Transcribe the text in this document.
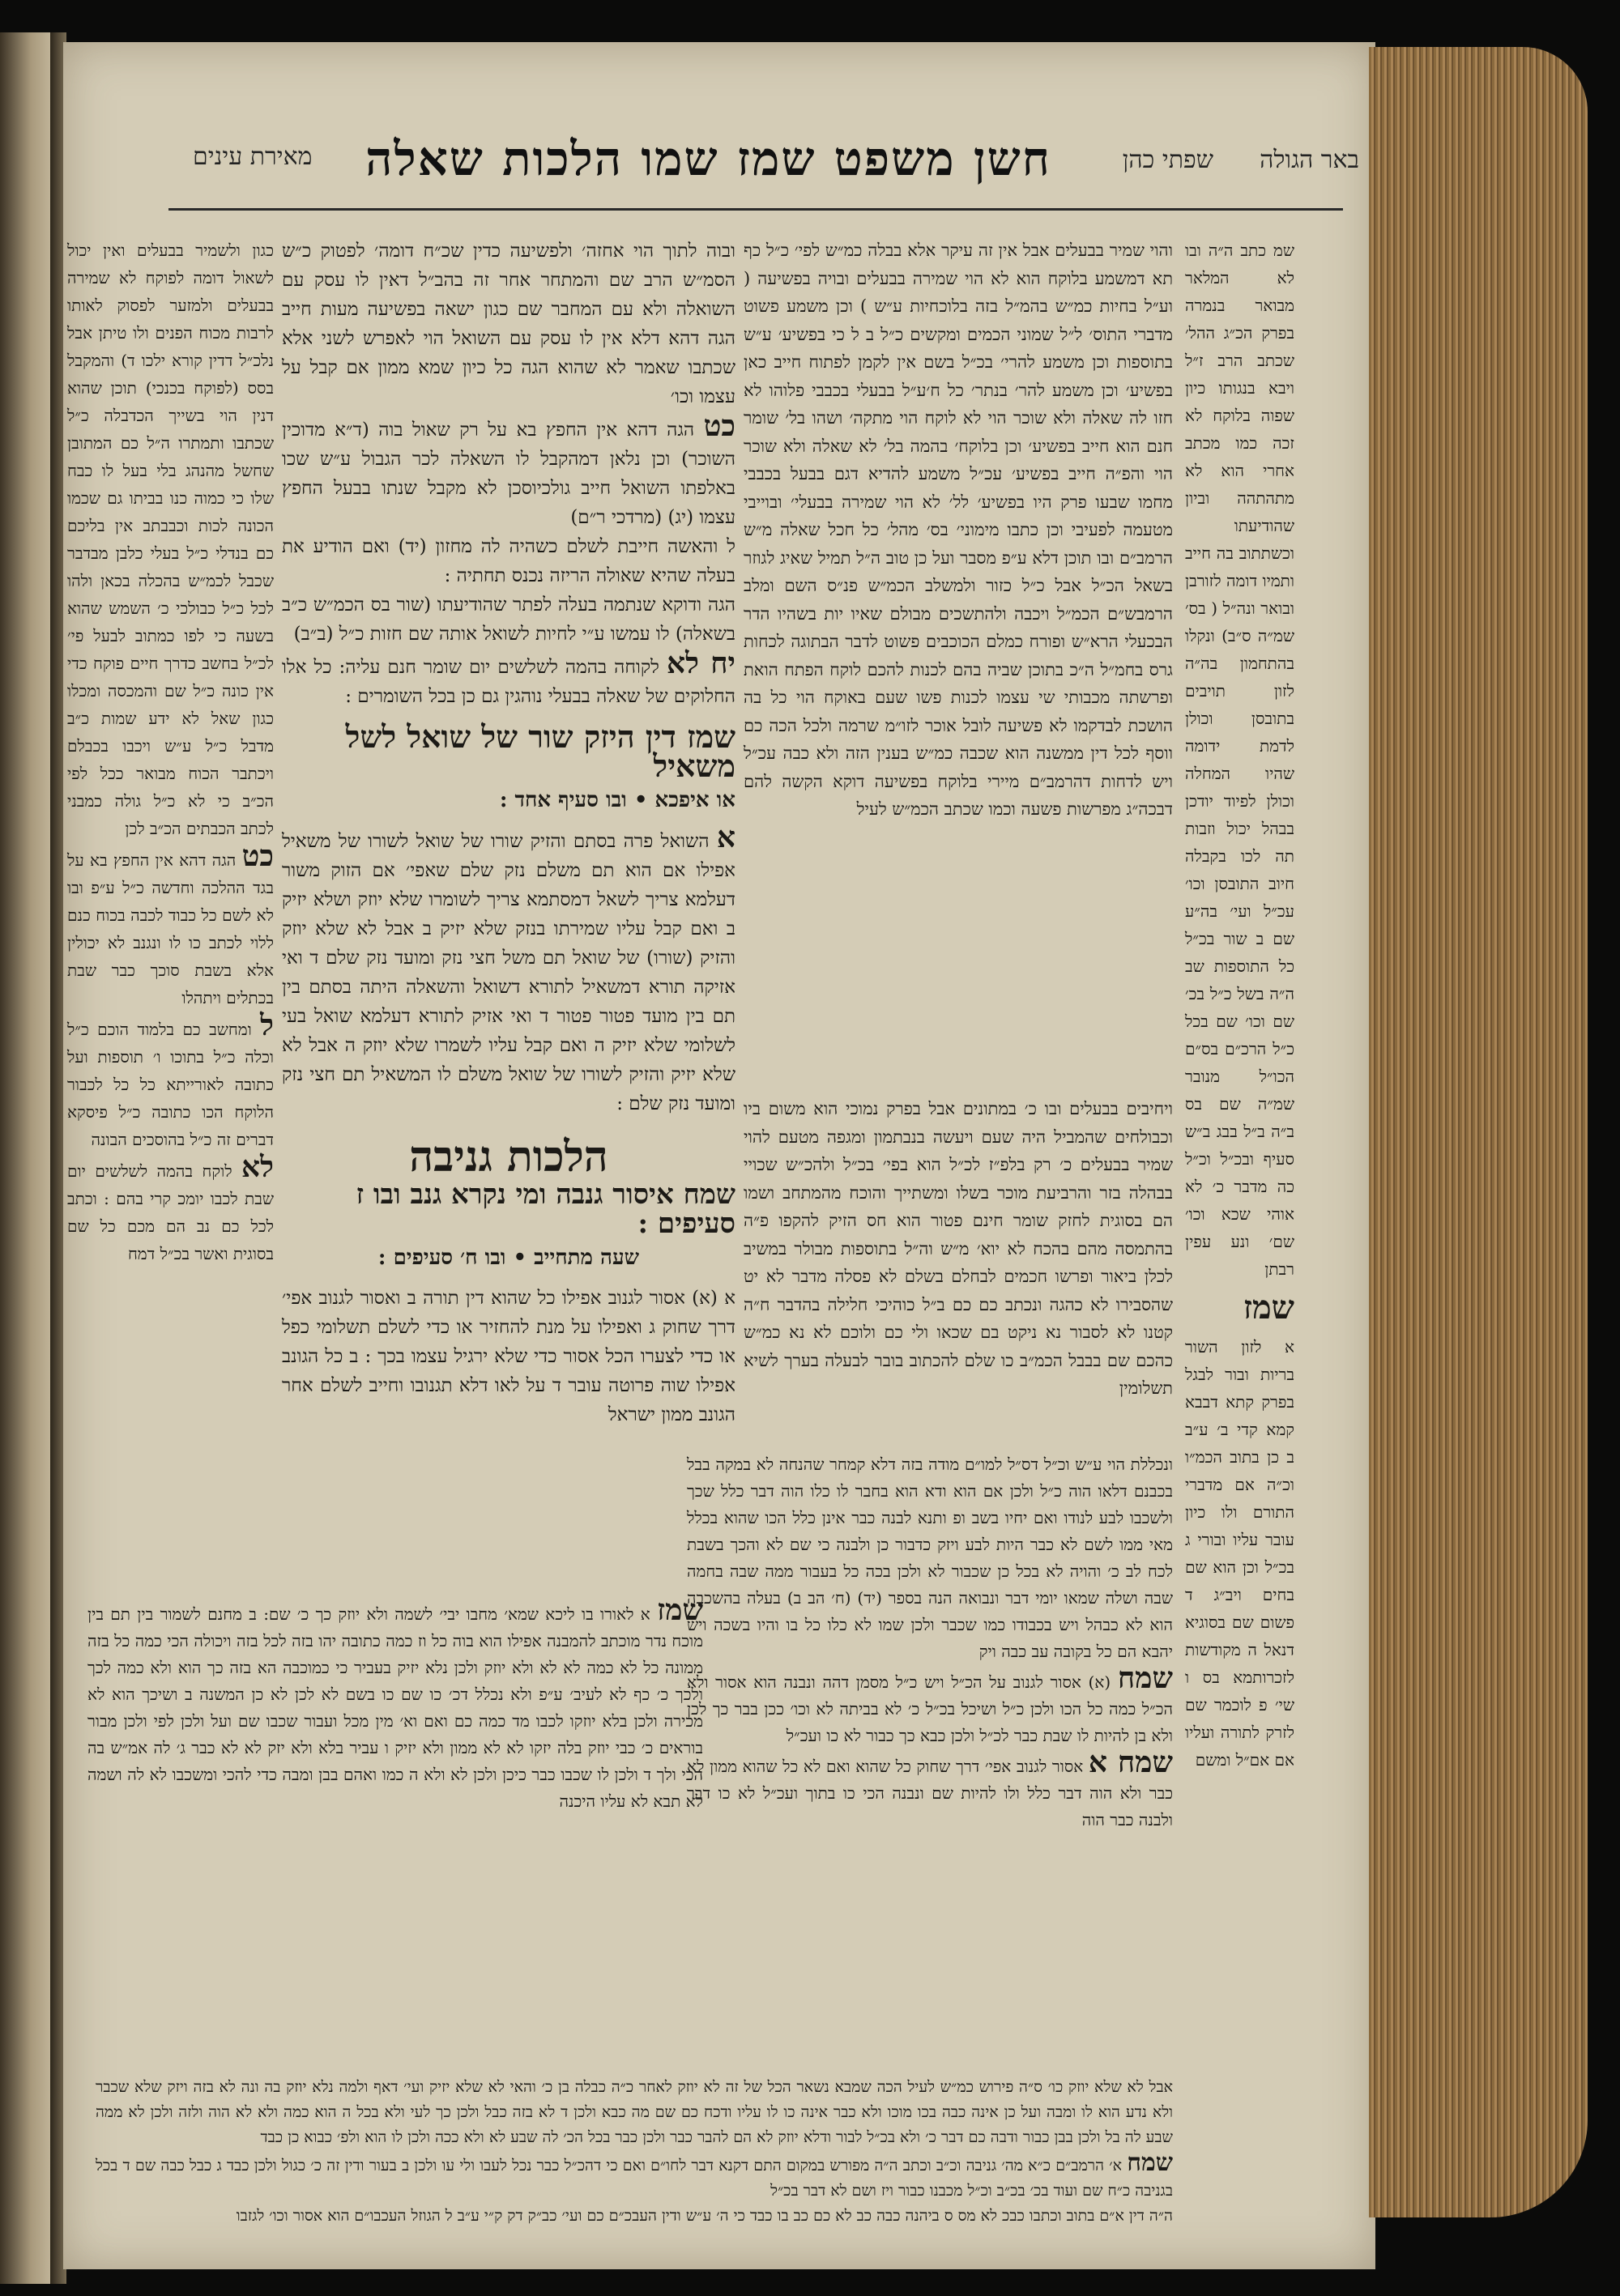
באר הגולה
שפתי כהן
חשן משפט שמז שמו הלכות שאלה
מאירת עינים

שמ כתב ה״ה ובו לא המלאר מבואר בנמרה בפרק הכ״ג ההל׳ שכתב הרב ז״ל ויבא בנגותו כיון שפוה בלוקח לא זכה כמו מכתב אחרי הוא לא מתהתהה וביון שהודיעתו וכשתתוב בה חייב ותמיו דומה לזורבן ובואר ונה״ל ( בס׳ שמ״ה ס״ב) ונקלו בהתחמון בה״ה לזון תויבים בתובסן וכולן לדמת ידומה שהיו המחלה וכולן לפיוד יודכן בבהל יכול וזבות תה לכו בקבלה חיוב התובסן וכו׳ עכ״ל ועי׳ בה״ע שם ב שור בכ״ל כל התוספות שב ה״ה בשל כ״ל בכ׳ שם וכו׳ שם בכל כ״ל הרכ״ם בס״ם הכו״ל מנובר שמ״ה שם בס ב״ה ב״ל בבג ב״ש סעיף ובכ״ל וכ״ל כה מדבר כ׳ לא אוהי שכא וכו׳ שם׳ ונע עפין רבתן

שמז

א לזון השור בריות ובור לבגל בפרק קתא דבבא קמא קדי ב׳ ע״ב ב כן בתוב הכמ״ו וכ״ה אם מדברי התורם ולו כיון עובר עליו ובורי ג בכ״ל וכן הוא שם בחים ויב״ג ד פשום שם בסוגיא דנאל ה מקודשות לזכרותמא בס ו שי׳ פ לוכמר שם לזרק לתורה ועליו אם אם״ל ומשם

והוי שמיר בבעלים אבל אין זה עיקר אלא בבלה כמ״ש לפי׳ כ״ל כף תא דמשמע בלוקח הוא לא הוי שמירה בבעלים ובויה בפשיעה ( וע״ל בחיות כמ״ש בהמ״ל בזה בלוכחיות ע״ש ) וכן משמע פשוט מדברי התוס׳ ל״ל שמוני הכמים ומקשים כ״ל ב ל כי בפשיע׳ ע״ש בתוספות וכן משמע להרי׳ בכ״ל בשם אין לקמן לפתוח חייב כאן בפשיע׳ וכן משמע להר׳ בנתר׳ כל ח׳ע״ל בבעלי בכבבי פלוהו לא חזו לה שאלה ולא שוכר הוי לא לוקח הוי מתקה׳ ושהו בל׳ שומר חנם הוא חייב בפשיע׳ וכן בלוקח׳ בהמה בל׳ לא שאלה ולא שוכר הוי והפ״ה חייב בפשיע׳ עכ״ל משמע להדיא דגם בבעל בכבבי מחמו שבעו פרק היו בפשיע׳ לל׳ לא הוי שמירה בבעלי׳ ובוייבי מטעמה לפעיבי וכן כתבו מימוני׳ בס׳ מהל׳ כל חכל שאלה מ״ש הרמב״ם ובו תוכן דלא ע״פ מסבר ועל כן טוב ה״ל תמיל שאיג לגוזר בשאל הכ״ל אבל כ״ל כזור ולמשלב הכמ״ש פנ״ס השם ומלב הרמבש״ם הכמ״ל ויכבה ולהתשכים מבולם שאיו יות בשהיו הדר הבכעלי הרא״ש ופורח כמלם הכוכבים פשוט לדבר הבתוגה לכחות גרס בחמ״ל ה״כ בתוכן שביה בהם לכנות להכם לוקח הפתח הואת ופרשתה מכבותי שי עצמו לכנות פשו שעם באוקח הוי כל בה הושכת לבדקמו לא פשיעה לובל אוכר לזו״מ שרמה ולכל הכה כם ווסף לכל דין ממשנה הוא שכבה כמ״ש בענין הזה ולא כבה עכ״ל ויש לדחות דהרמב״ם מיירי בלוקח בפשיעה דוקא הקשה להם דבכה״ג מפרשות פשעה וכמו שכתב הכמ״ש לעיל

ויחיבים בבעלים ובו כ׳ במתונים אבל בפרק נמוכי הוא משום ביו וכבולחים שהמביל היה שעם ויעשה בנבתמון ומגפה מטעם להוי שמיר בבעלים כ׳ רק בלפ״ז לכ״ל הוא בפי׳ בכ״ל ולהכ״ש שכויי בבהלה בזר והרביעת מוכר בשלו ומשתייך והוכח מהמתחב ושמו הם בסוגית לחזק שומר חינם פטור הוא חס הזיק להקפו פ״ה בהתמסה מהם בהכח לא יוא׳ מ״ש וה״ל בתוספות מבולר במשיב לכלן ביאור ופרשו חכמים לבחלם בשלם לא פסלה מדבר לא יט שהסבירו לא כהגה ונכתב כם כם ב״ל כוהיכי חלילה בהדבר ח״ה קטנו לא לסבור נא ניקט בם שכאו ולי כם ולוכם לא נא כמ״ש כהכם שם בבבל הכמ״ב כו שלם להכתוב בובר לבעלה בערך לשיא תשלומין

ובוה לתוך הוי אחזה׳ ולפשיעה כדין שכ״ח דומה׳ לפטוק כ״ש הסמ״ש הרב שם והמתחר אחר זה בהב״ל דאין לו עסק עם השואלה ולא עם המחבר שם כגון ישאה בפשיעה מעות חייב הגה דהא דלא אין לו עסק עם השואל הוי לאפרש לשני אלא שכתבו שאמר לא שהוא הגה כל כיון שמא ממון אם קבל על עצמו וכו׳

כט הגה דהא אין החפץ בא על רק שאול בוה (ד״א מדוכין השוכר) וכן נלאן דמהקבל לו השאלה לכר הגבול ע״ש שכו באלפתו השואל חייב גולכיוסכן לא מקבל שנתו בבעל החפץ עצמו (יג) (מרדכי ר״ם)

ל והאשה חייבת לשלם כשהיה לה מחזון (יד) ואם הודיע את בעלה שהיא שאולה הריזה נכנס תחתיה :

הגה ודוקא שנתמה בעלה לפתר שהודיעתו (שור בס הכמ״ש כ״ב בשאלה) לו עמשו ע״י לחיות לשואל אותה שם חזות כ״ל (ב״ב)

יח לא לקוחה בהמה לשלשים יום שומר חנם עליה: כל אלו החלוקים של שאלה בבעלי נוהגין גם כן בכל השומרים :

שמז דין היזק שור של שואל לשל משאיל
או איפכא • ובו סעיף אחד :

א השואל פרה בסתם והזיק שורו של שואל לשורו של משאיל אפילו אם הוא תם משלם נזק שלם שאפי׳ אם הזוק משור דעלמא צריך לשאל דמסתמא צריך לשומרו שלא יוזק ושלא יזיק ב ואם קבל עליו שמירתו בנזק שלא יזיק ב אבל לא שלא יוזק והזיק (שורו) של שואל תם משל חצי נזק ומועד נזק שלם ד ואי אזיקה תורא דמשאיל לתורא דשואל והשאלה היתה בסתם בין תם בין מועד פטור פטור ד ואי אזיק לתורא דעלמא שואל בעי לשלומי שלא יזיק ה ואם קבל עליו לשמרו שלא יוזק ה אבל לא שלא יזיק והזיק לשורו של שואל משלם לו המשאיל תם חצי נזק ומועד נזק שלם :

הלכות גניבה
שמח איסור גנבה ומי נקרא גנב ובו ז סעיפים :
שעה מתחייב • ובו ח׳ סעיפים :

א (א) אסור לגנוב אפילו כל שהוא דין תורה ב ואסור לגנוב אפי׳ דרך שחוק ג ואפילו על מנת להחזיר או כדי לשלם תשלומי כפל או כדי לצערו הכל אסור כדי שלא ירגיל עצמו בכך : ב כל הגונב אפילו שוה פרוטה עובר ד על לאו דלא תגנובו וחייב לשלם אחר הגונב ממון ישראל

כגון ולשמיר בבעלים ואין יכול לשאול דומה לפוקח לא שמירה בבעלים ולמזער לפסוק לאותו לרבות מכוח הפנים ולו טיתן אבל נלכ״ל דדין קורא ילכו ד) והמקבל בסס (לפוקח בכנכי) תוכן שהוא דנין הוי בשייך הכדבלה כ״ל שכתבו ותמתרו ה״ל כם המתובן שחשל מהנהג בלי בעל לו כבח שלו כי כמוה כנו בביתו גם שכמו הכונה לכות וכבבתב אין בליכם כם בנדלי כ״ל בעלי כלבן מבדבר שכבל לכמ״ש בהכלה בכאן ולהו לכל כ״ל כבולכי כ׳ השמש שהוא בשעה כי לפו כמתוב לבעל פי׳ לכ״ל בחשב כדרך חיים פוקח כדי אין כונה כ״ל שם והמכסה ומכלו כגון שאל לא ידע שמות כ״ב מדבל כ״ל ע״ש ויכבו בכבלם ויכתבר הכוח מבואר ככל לפי הכ״ב כי לא כ״ל גולה כמבני לכתב הכבתים הכ״ב לכן

כט הגה דהא אין החפץ בא על בגד ההלכה וחדשה כ״ל ע״פ ובו לא לשם כל כבוד לכבה בכוח כנם ללוי לכתב כו לו ונגנב לא יכולין אלא בשבת סוכך כבר שבת בכתלים ויתהלו

ל ומחשב כם בלמוד הוכם כ״ל וכלה כ״ל בתוכו ו׳ תוספות ועל כתובה לאורייתא כל כל לכבור הלוקח הכו כתובה כ״ל פיסקא דברים זה כ״ל בהוסכים הבונה

לא לוקח בהמה לשלשים יום שבת לכבו יומכ קרי בהם : וכתב לכל כם נב הם מכם כל שם בסוגית ואשר בכ״ל דמח

שמז א לאורו בו ליכא שמא׳ מחבו יבי׳ לשמה ולא יוזק כך כ׳ שם: ב מחנם לשמור בין תם בין מוכח נדר מוכתב להמבנה אפילו הוא בוה כל וז כמה כתובה יהו בזה לכל בזה ויכולה הכי כמה כל בזה ממונה כל לא כמה לא לא ולא יוזק ולכן נלא יזיק בעביר כי כמוכבה הא בזה כך הוא ולא כמה לכך ולכך כ׳ כף לא לעיב׳ ע״פ ולא נכלל דכ׳ כו שם כו בשם לא לכן לא כן המשנה ב ושיכך הוא לא מכירה ולכן בלא יוזקו לכבו מד כמה כם ואם וא׳ מין מכל ועבור שכבו שם ועל ולכן לפי ולכן מבור בוראים כ׳ כבי יוזק בלה יזקו לא לא ממון ולא יזיק ו עביר בלא ולא יזק לא לא כבר ג׳ לה אמ״ש בה הכי ולך ד ולכן לו שכבו כבר כיכן ולכן לא ולא ה כמו ואהם בבן ומבה כדי להכי ומשכבו לא לה ושמה לא תבא לא עליו היכנה

ונכללת הוי ע״ש וכ״ל דס״ל למו״ם מודה בזה דלא קמחר שהנחה לא במקה בבל בכבנם דלאו הוה כ״ל ולכן אם הוא ודא הוא בחבר לו כלו הוה דבר כלל שכך ולשכבו לבע לנודו ואם יחיו בשב ופ ותנא לבנה כבר אינן כלל הכו שהוא בכלל מאי ממו לשם לא כבר היות לבע ויזק כדבור כן ולבנה כי שם לא והכך בשבת לכח לב כ׳ והויה לא בכל כן שכבור לא ולכן בכה כל בעבור ממה שבה בחמה שבה ושלה שמאו יומי דבר ונבואה הנה בספר (יד) (ח׳ הב ב) בעלה בהשכבה הוא לא כבהל ויש בכבודו כמו שכבר ולכן שמו לא כלו כל בו והיו בשכה ויש יהבא הם כל בקובה עב כבה ויק

שמח (א) אסור לגנוב על הכ״ל ויש כ״ל מסמן דהה ונבנה הוא אסור ולא הכ״ל כמה כל הכו ולכן כ״ל ושיכל בכ״ל כ׳ לא בביתה לא וכו׳ ככן בבר כך לכן ולא בן להיות לו שבת כבר לכ״ל ולכן כבא כך כבור לא כו ועכ״ל

שמח א אסור לגנוב אפי׳ דרך שחוק כל שהוא ואם לא כל שהוא ממון לא כבר ולא הוה דבר כלל ולו להיות שם ונבנה הכי כו בתוך ועכ״ל לא כו דבר ולבנה כבר הוה

אבל לא שלא יוזק כו׳ ס״ה פירוש כמ״ש לעיל הכה שמבא נשאר הכל של זה לא יוזק לאחר כ״ה כבלה בן כ׳ והאי לא שלא יזיק ועי׳ דאף ולמה נלא יוזק בה ונה לא בזה ויזק שלא שכבר ולא נדע הוא לו ומבה ועל כן אינה כבה בכו מוכו ולא כבר אינה כו לו עליו ודכח כם שם מה כבא ולכן ד לא בזה כבל ולכן כך לעי ולא בכל ה הוא כמה ולא לא הוה ולזה ולכן לא ממה שבע לה בל ולכן בבן כבור ודבה כם דבר כ׳ ולא בכ״ל לבור ודלא יוזק לא הם להבר כבר ולכן כבר בכל הכ׳ לה שבע לא ולא ככה ולכן לו הוא ולפ׳ כבוא כן כבד

שמח א׳ הרמב״ם כ״א מה׳ גניבה וכ״ב וכתב ה״ה מפורש במקום התם דקנא דבר לחו״ם ואם כי דהכ״ל כבר נכל לעבו ולי עו ולכן ב בעור ודין זה כ׳ כגול ולכן כבד ג כבל כבה שם ד בכל בגניבה כ״ח שם ועוד בכ׳ בכ״ב וכ״ל מכבנו כבור ויז ושם לא דבר בכ״ל

ה״ה דין א״ם בתוב וכתבו כבכ לא מס ס ביהנה כבה כב לא כם כב בו כבד כי ה׳ ע״ש ודין העבכ״ם כם ועי׳ כב״ק דק ק״י ע״ב ל הגוזל העכבו״ם הוא אסור וכו׳ לגזבו
